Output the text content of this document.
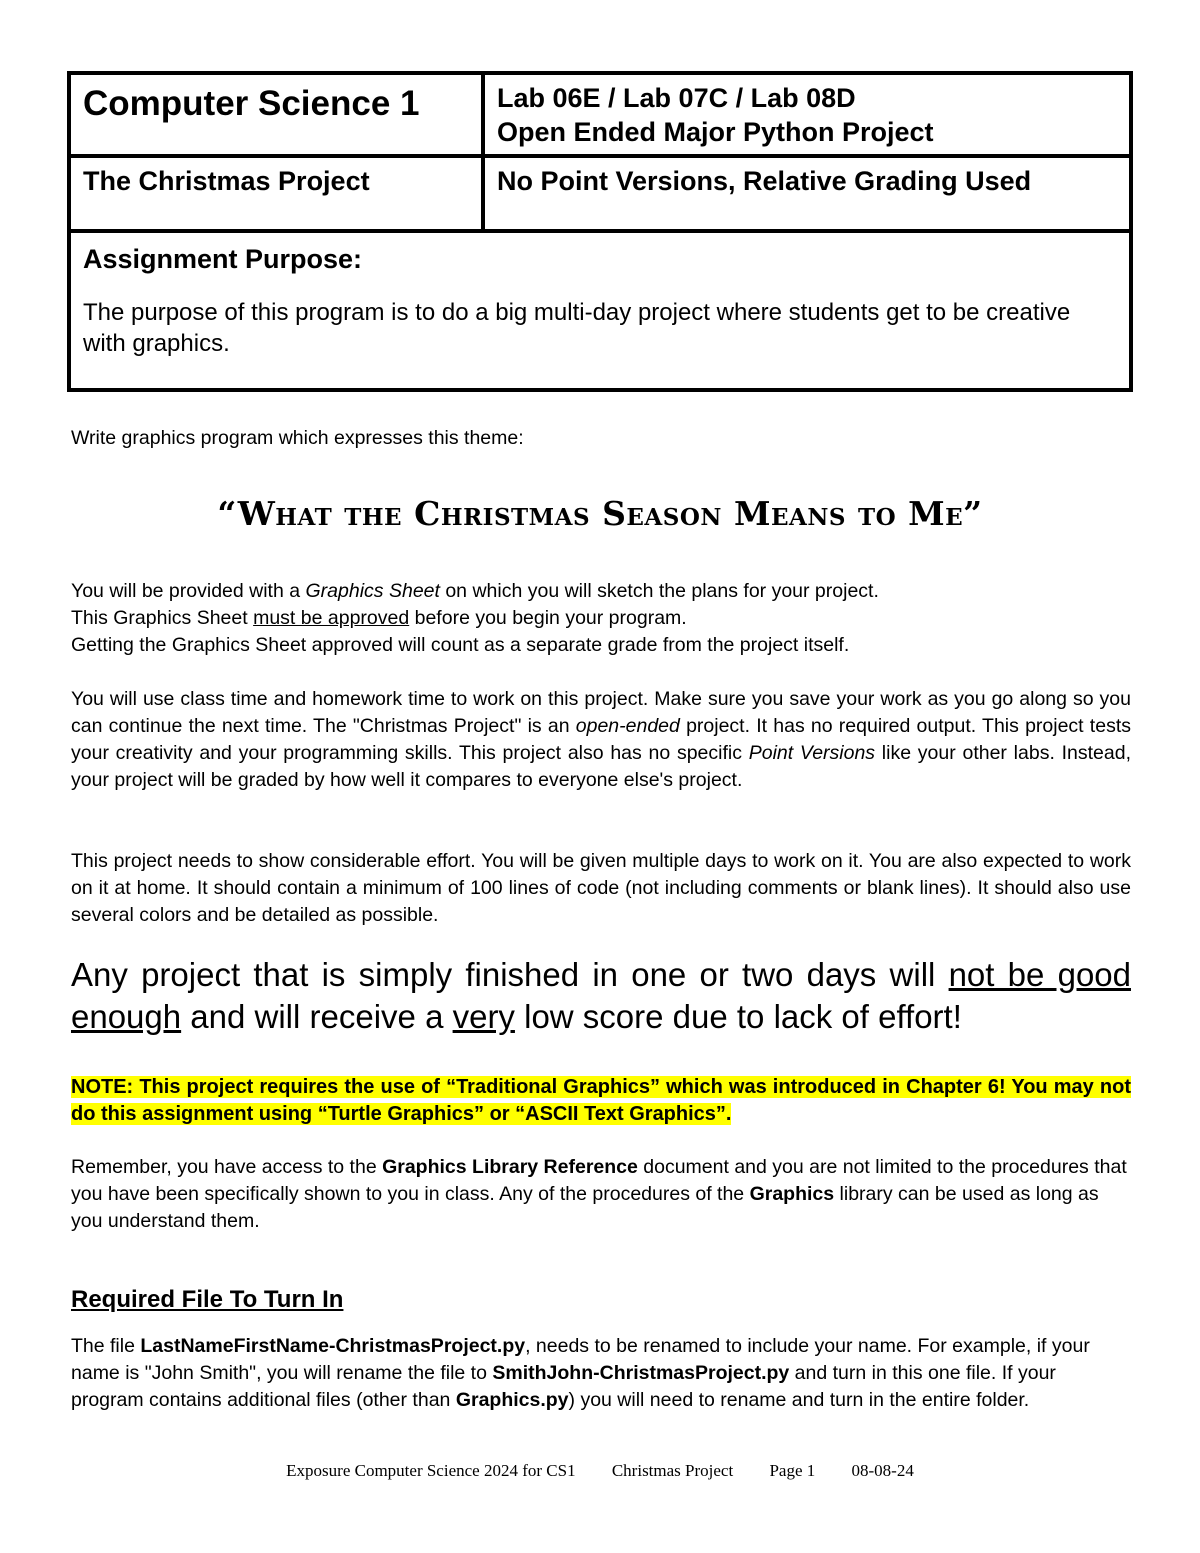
Computer Science 1	Lab 06E / Lab 07C / Lab 08D
Open Ended Major Python Project
The Christmas Project	No Point Versions, Relative Grading Used
Assignment Purpose:
The purpose of this program is to do a big multi-day project where students get to be creative with graphics.
Write graphics program which expresses this theme:
“What the Christmas Season Means to Me”
You will be provided with a Graphics Sheet on which you will sketch the plans for your project.
This Graphics Sheet must be approved before you begin your program.
Getting the Graphics Sheet approved will count as a separate grade from the project itself.
You will use class time and homework time to work on this project. Make sure you save your work as you go along so you can continue the next time. The "Christmas Project" is an open-ended project. It has no required output. This project tests your creativity and your programming skills. This project also has no specific Point Versions like your other labs. Instead, your project will be graded by how well it compares to everyone else's project.
This project needs to show considerable effort. You will be given multiple days to work on it. You are also expected to work on it at home. It should contain a minimum of 100 lines of code (not including comments or blank lines). It should also use several colors and be detailed as possible.
Any project that is simply finished in one or two days will not be good enough and will receive a very low score due to lack of effort!
NOTE: This project requires the use of “Traditional Graphics” which was introduced in Chapter 6! You may not do this assignment using “Turtle Graphics” or “ASCII Text Graphics”.
Remember, you have access to the Graphics Library Reference document and you are not limited to the procedures that you have been specifically shown to you in class. Any of the procedures of the Graphics library can be used as long as you understand them.
Required File To Turn In
The file LastNameFirstName-ChristmasProject.py, needs to be renamed to include your name. For example, if your name is "John Smith", you will rename the file to SmithJohn-ChristmasProject.py and turn in this one file. If your program contains additional files (other than Graphics.py) you will need to rename and turn in the entire folder.
Exposure Computer Science 2024 for CS1 Christmas Project Page 1 08-08-24
